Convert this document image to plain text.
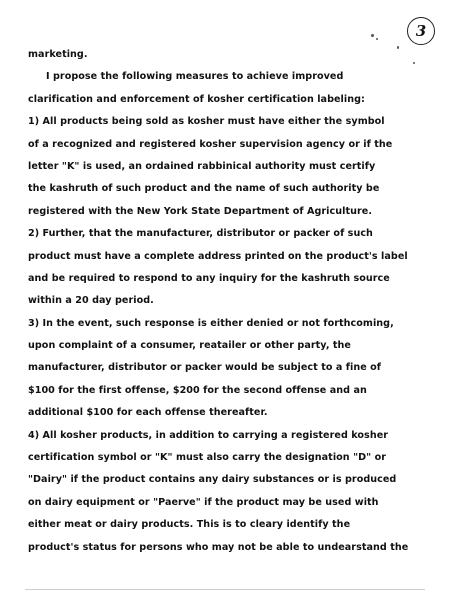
3
marketing.
I propose the following measures to achieve improved
clarification and enforcement of kosher certification labeling:
1) All products being sold as kosher must have either the symbol
of a recognized and registered kosher supervision agency or if the
letter "K" is used, an ordained rabbinical authority must certify
the kashruth of such product and the name of such authority be
registered with the New York State Department of Agriculture.
2) Further, that the manufacturer, distributor or packer of such
product must have a complete address printed on the product's label
and be required to respond to any inquiry for the kashruth source
within a 20 day period.
3) In the event, such response is either denied or not forthcoming,
upon complaint of a consumer, reatailer or other party, the
manufacturer, distributor or packer would be subject to a fine of
$100 for the first offense, $200 for the second offense and an
additional $100 for each offense thereafter.
4) All kosher products, in addition to carrying a registered kosher
certification symbol or "K" must also carry the designation "D" or
"Dairy" if the product contains any dairy substances or is produced
on dairy equipment or "Paerve" if the product may be used with
either meat or dairy products. This is to cleary identify the
product's status for persons who may not be able to undearstand the
